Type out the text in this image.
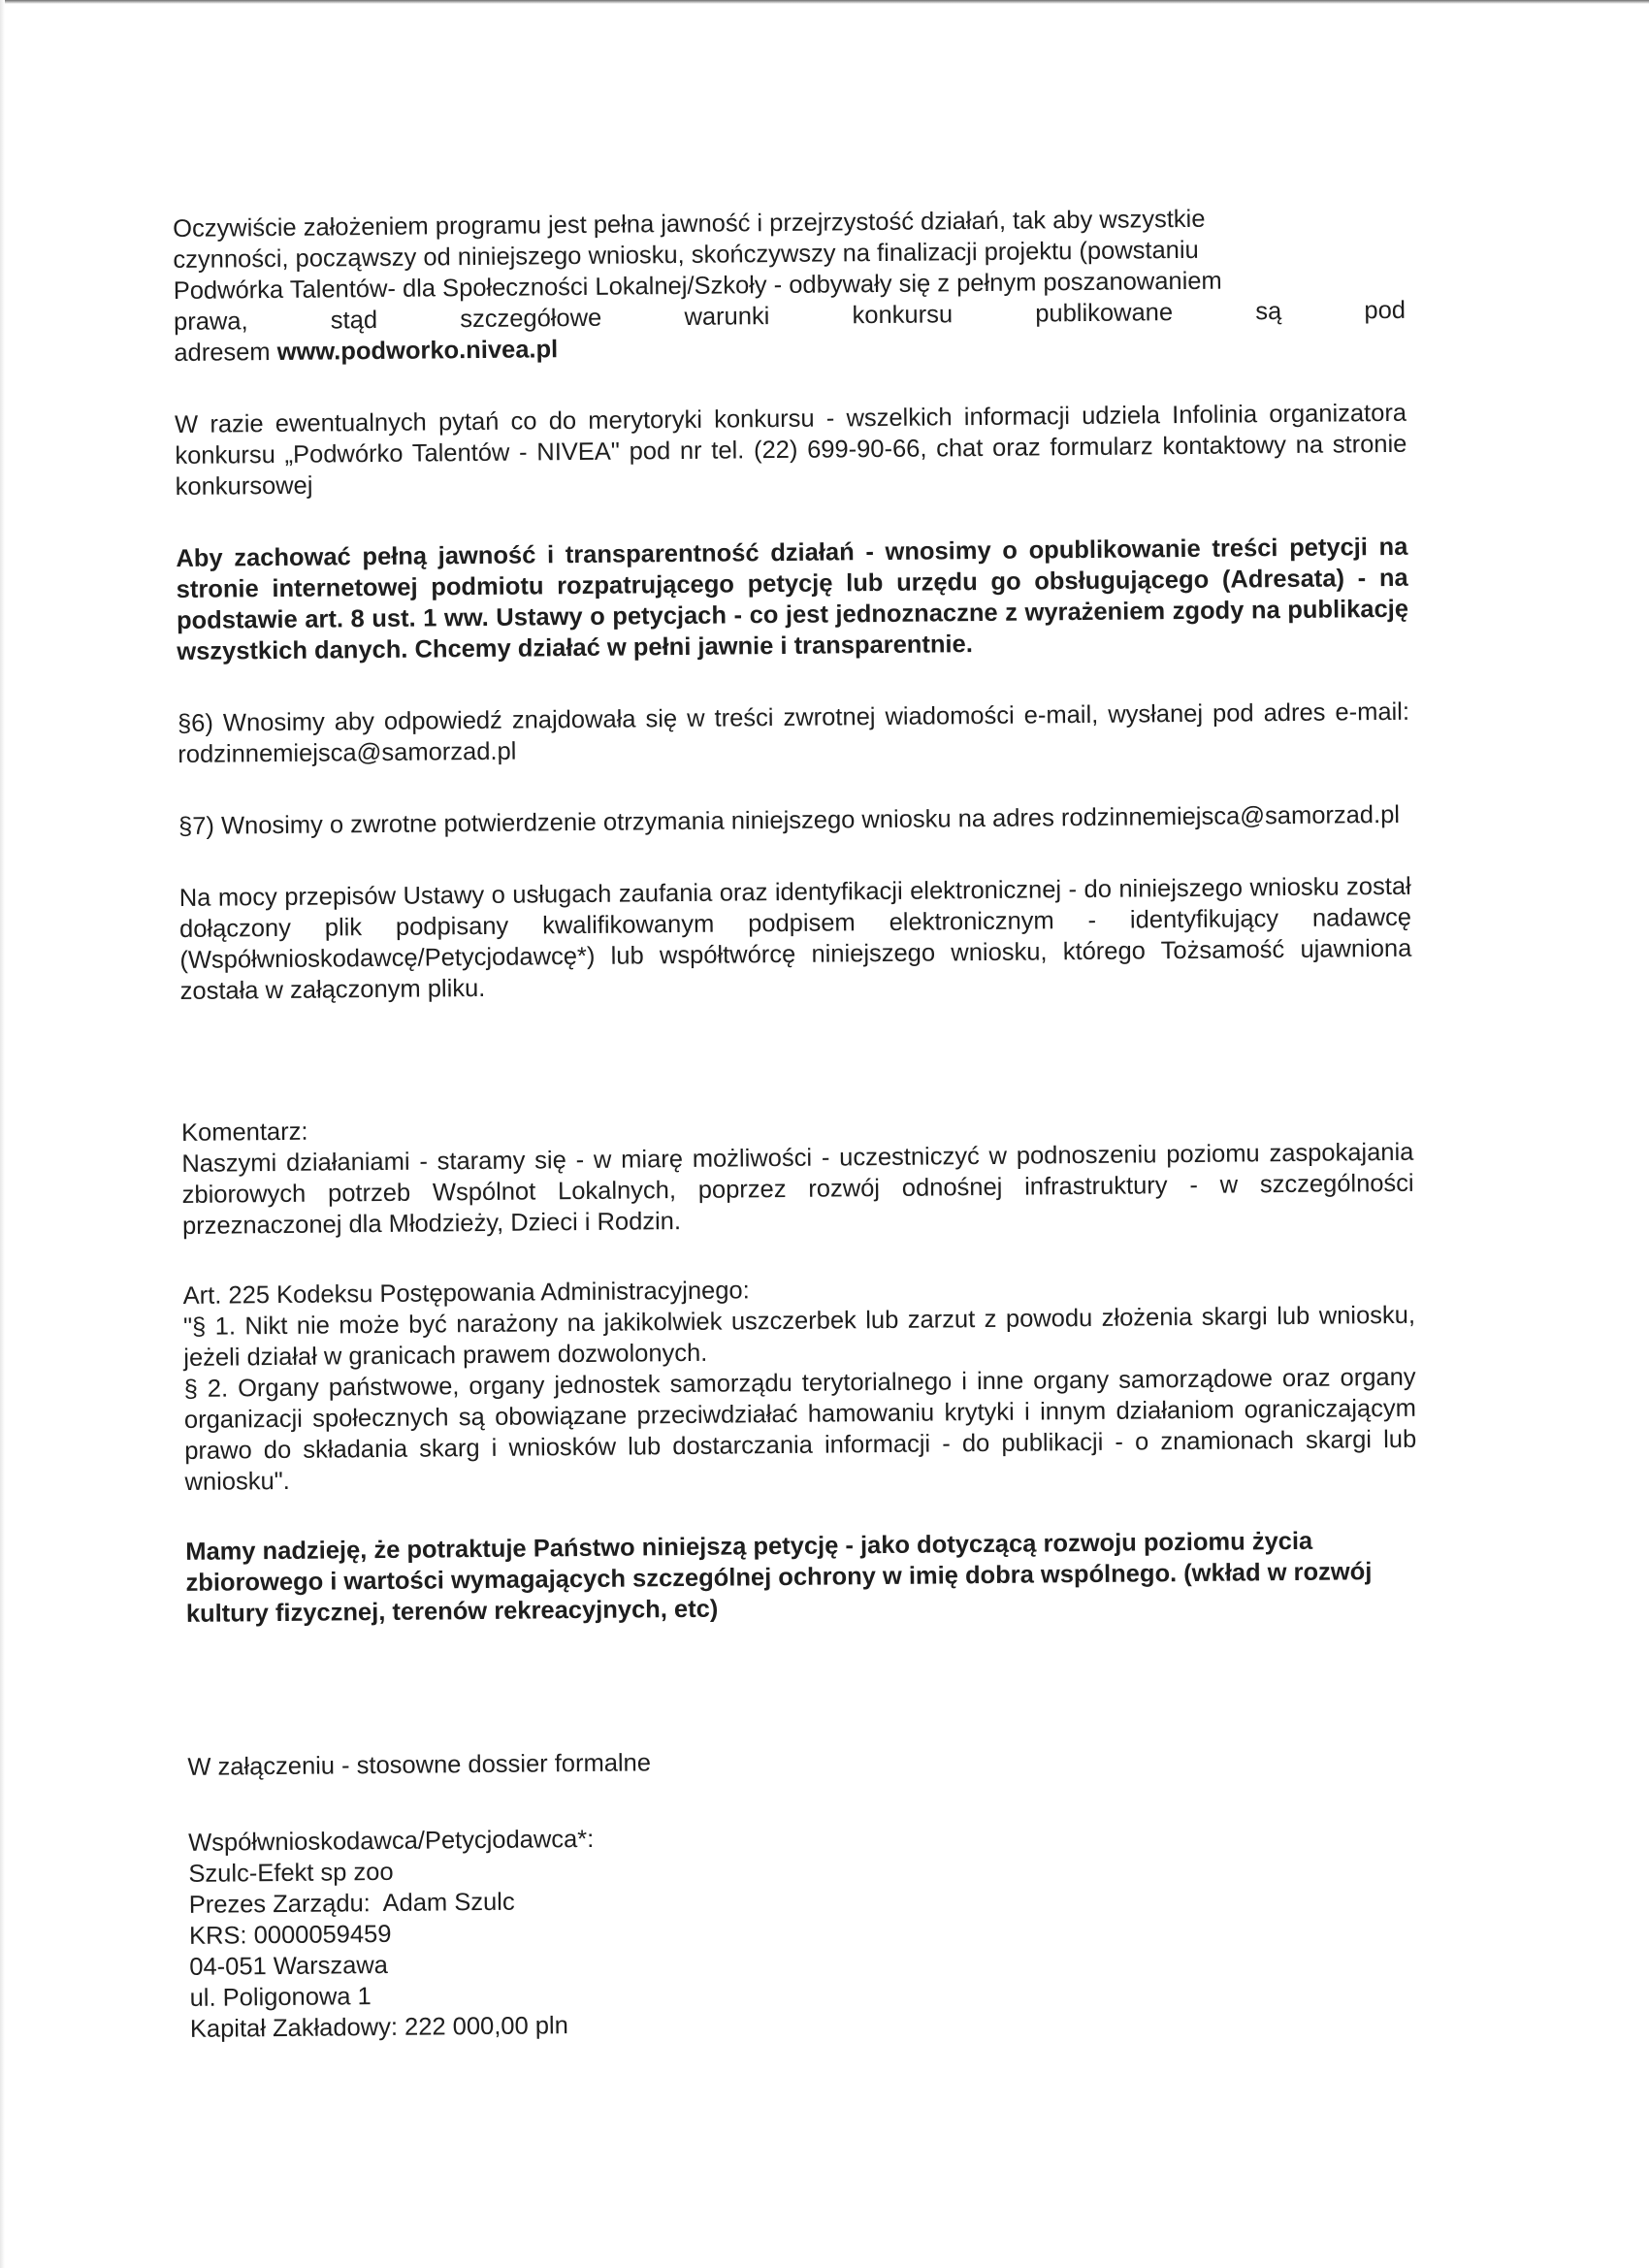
Oczywiście założeniem programu jest pełna jawność i przejrzystość działań, tak aby wszystkie
czynności, począwszy od niniejszego wniosku, skończywszy na finalizacji projektu (powstaniu
Podwórka Talentów- dla Społeczności Lokalnej/Szkoły - odbywały się z pełnym poszanowaniem
prawa, stąd szczegółowe warunki konkursu publikowane są pod
adresem www.podworko.nivea.pl

W razie ewentualnych pytań co do merytoryki konkursu - wszelkich informacji udziela Infolinia organizatora konkursu „Podwórko Talentów - NIVEA" pod nr tel. (22) 699-90-66, chat oraz formularz kontaktowy na stronie konkursowej

Aby zachować pełną jawność i transparentność działań - wnosimy o opublikowanie treści petycji na stronie internetowej podmiotu rozpatrującego petycję lub urzędu go obsługującego (Adresata) - na podstawie art. 8 ust. 1 ww. Ustawy o petycjach - co jest jednoznaczne z wyrażeniem zgody na publikację wszystkich danych. Chcemy działać w pełni jawnie i transparentnie.

§6) Wnosimy aby odpowiedź znajdowała się w treści zwrotnej wiadomości e-mail, wysłanej pod adres e-mail: rodzinnemiejsca@samorzad.pl

§7) Wnosimy o zwrotne potwierdzenie otrzymania niniejszego wniosku na adres rodzinnemiejsca@samorzad.pl

Na mocy przepisów Ustawy o usługach zaufania oraz identyfikacji elektronicznej - do niniejszego wniosku został dołączony plik podpisany kwalifikowanym podpisem elektronicznym - identyfikujący nadawcę (Współwnioskodawcę/Petycjodawcę*) lub współtwórcę niniejszego wniosku, którego Tożsamość ujawniona została w załączonym pliku.

Komentarz:

Naszymi działaniami - staramy się - w miarę możliwości - uczestniczyć w podnoszeniu poziomu zaspokajania zbiorowych potrzeb Wspólnot Lokalnych, poprzez rozwój odnośnej infrastruktury - w szczególności przeznaczonej dla Młodzieży, Dzieci i Rodzin.

Art. 225 Kodeksu Postępowania Administracyjnego:

"§ 1. Nikt nie może być narażony na jakikolwiek uszczerbek lub zarzut z powodu złożenia skargi lub wniosku, jeżeli działał w granicach prawem dozwolonych.

§ 2. Organy państwowe, organy jednostek samorządu terytorialnego i inne organy samorządowe oraz organy organizacji społecznych są obowiązane przeciwdziałać hamowaniu krytyki i innym działaniom ograniczającym prawo do składania skarg i wniosków lub dostarczania informacji - do publikacji - o znamionach skargi lub wniosku".

Mamy nadzieję, że potraktuje Państwo niniejszą petycję - jako dotyczącą rozwoju poziomu życia zbiorowego i wartości wymagających szczególnej ochrony w imię dobra wspólnego. (wkład w rozwój kultury fizycznej, terenów rekreacyjnych, etc)

W załączeniu - stosowne dossier formalne

Współwnioskodawca/Petycjodawca*:

Szulc-Efekt sp zoo

Prezes Zarządu:  Adam Szulc

KRS: 0000059459

04-051 Warszawa

ul. Poligonowa 1

Kapitał Zakładowy: 222 000,00 pln
